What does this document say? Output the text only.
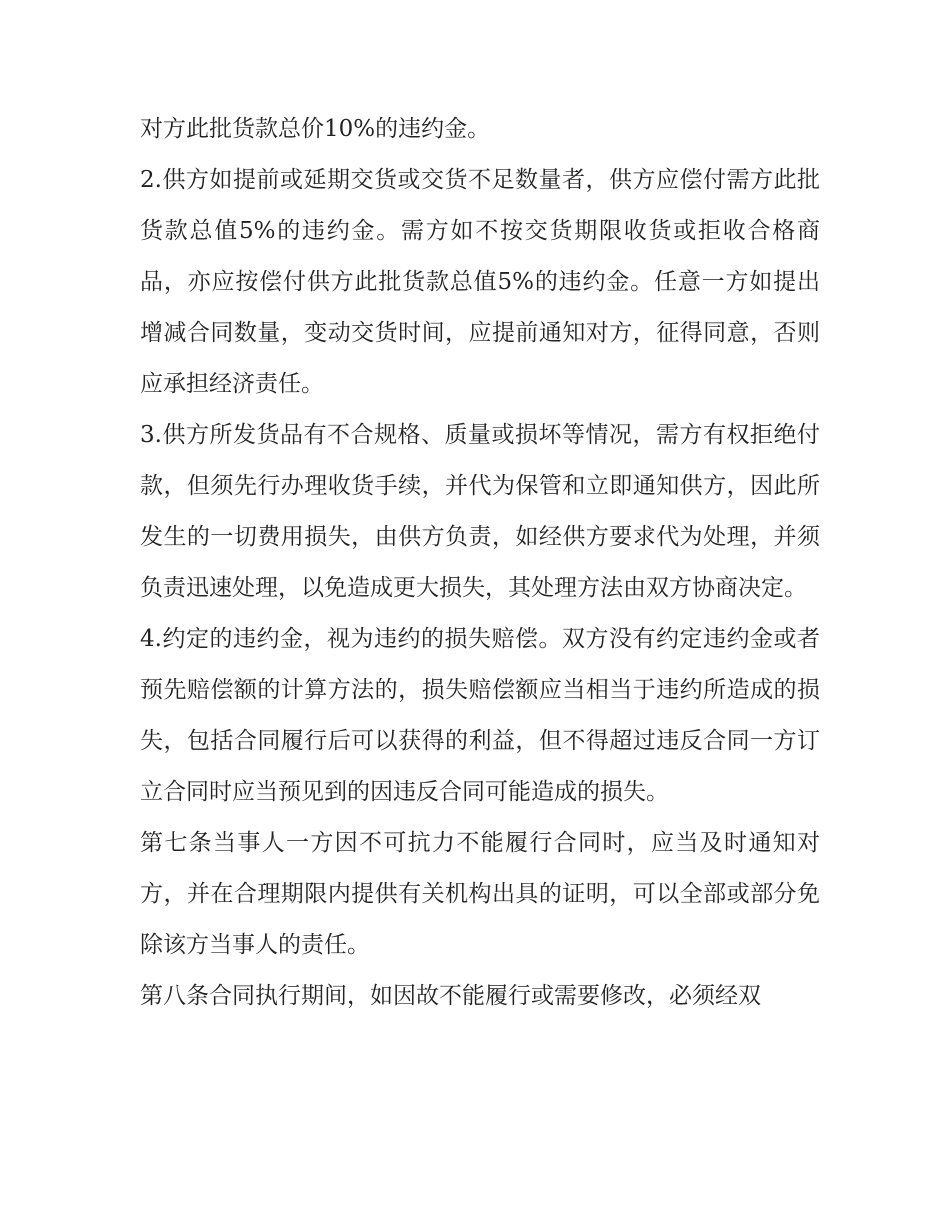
对方此批货款总价10%的违约金。

2.供方如提前或延期交货或交货不足数量者，供方应偿付需方此批货款总值5%的违约金。需方如不按交货期限收货或拒收合格商品，亦应按偿付供方此批货款总值5%的违约金。任意一方如提出增减合同数量，变动交货时间，应提前通知对方，征得同意，否则应承担经济责任。

3.供方所发货品有不合规格、质量或损坏等情况，需方有权拒绝付款，但须先行办理收货手续，并代为保管和立即通知供方，因此所发生的一切费用损失，由供方负责，如经供方要求代为处理，并须负责迅速处理，以免造成更大损失，其处理方法由双方协商决定。

4.约定的违约金，视为违约的损失赔偿。双方没有约定违约金或者预先赔偿额的计算方法的，损失赔偿额应当相当于违约所造成的损失，包括合同履行后可以获得的利益，但不得超过违反合同一方订立合同时应当预见到的因违反合同可能造成的损失。

第七条当事人一方因不可抗力不能履行合同时，应当及时通知对方，并在合理期限内提供有关机构出具的证明，可以全部或部分免除该方当事人的责任。

第八条合同执行期间，如因故不能履行或需要修改，必须经双
